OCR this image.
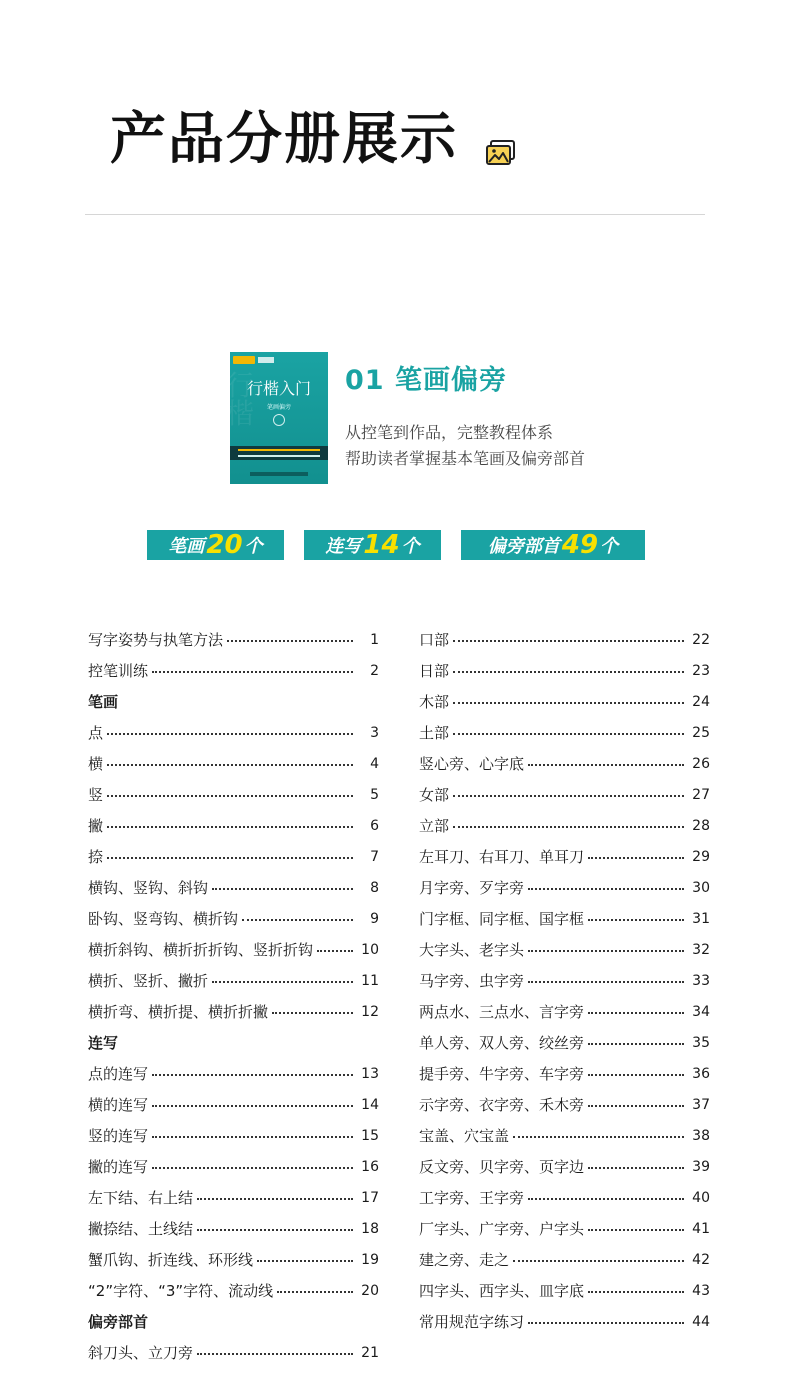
产品分册展示
行
楷
行楷入门
笔画偏旁
01 笔画偏旁
从控笔到作品，完整教程体系
帮助读者掌握基本笔画及偏旁部首
笔画 20 个	连写 14 个	偏旁部首 49 个
写字姿势与执笔方法	1
控笔训练	2
笔画
点	3
横	4
竖	5
撇	6
捺	7
横钩、竖钩、斜钩	8
卧钩、竖弯钩、横折钩	9
横折斜钩、横折折折钩、竖折折钩	10
横折、竖折、撇折	11
横折弯、横折提、横折折撇	12
连写
点的连写	13
横的连写	14
竖的连写	15
撇的连写	16
左下结、右上结	17
撇捺结、土线结	18
蟹爪钩、折连线、环形线	19
“2”字符、“3”字符、流动线	20
偏旁部首
斜刀头、立刀旁	21
口部	22
日部	23
木部	24
土部	25
竖心旁、心字底	26
女部	27
立部	28
左耳刀、右耳刀、单耳刀	29
月字旁、歹字旁	30
门字框、同字框、国字框	31
大字头、老字头	32
马字旁、虫字旁	33
两点水、三点水、言字旁	34
单人旁、双人旁、绞丝旁	35
提手旁、牛字旁、车字旁	36
示字旁、衣字旁、禾木旁	37
宝盖、穴宝盖	38
反文旁、贝字旁、页字边	39
工字旁、王字旁	40
厂字头、广字旁、户字头	41
建之旁、走之	42
四字头、西字头、皿字底	43
常用规范字练习	44
